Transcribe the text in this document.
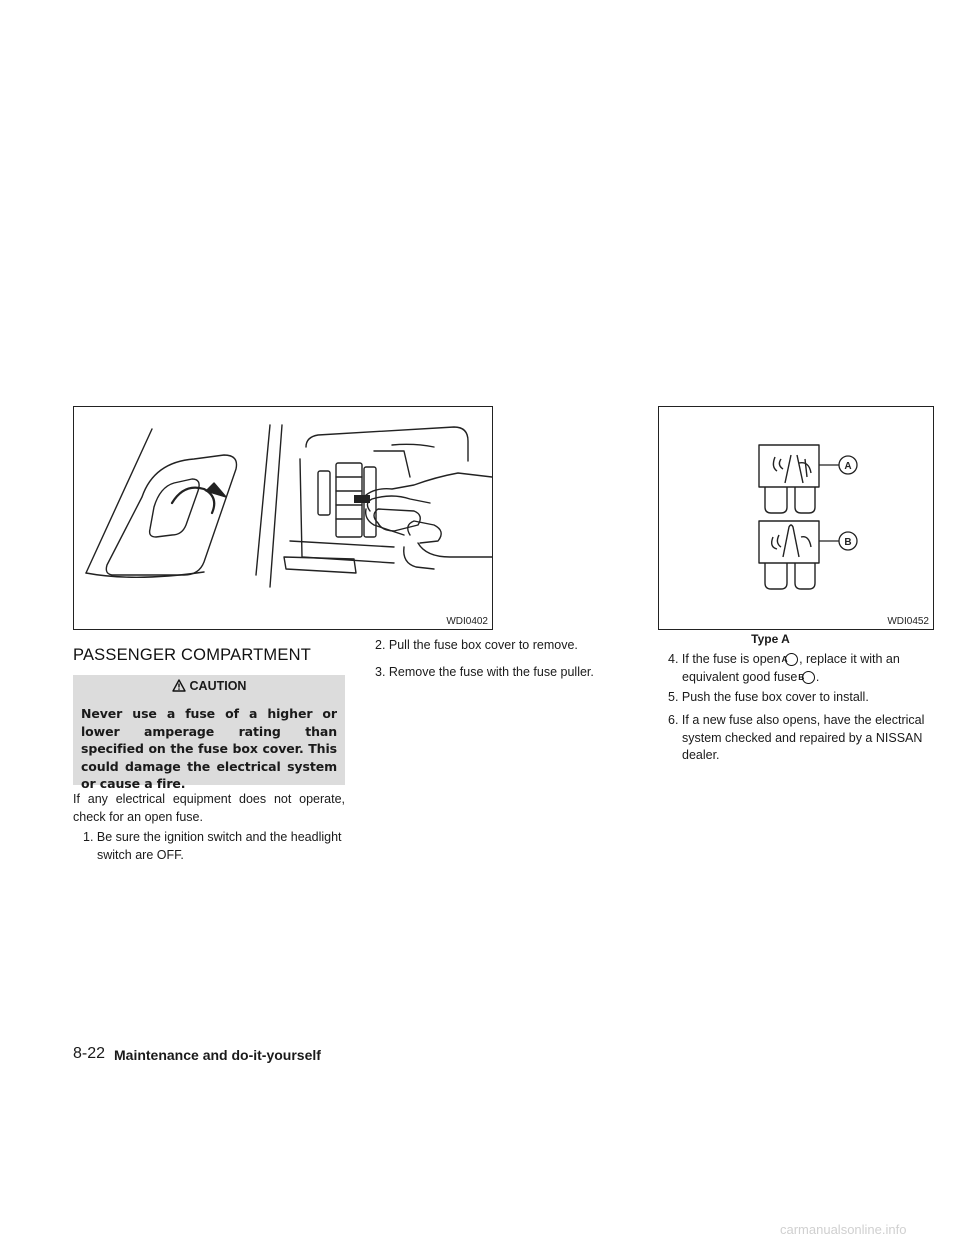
WDI0402
A
B
WDI0452
Type A
PASSENGER COMPARTMENT
CAUTION
Never use a fuse of a higher or lower amperage rating than specified on the fuse box cover. This could damage the electrical system or cause a fire.
If any electrical equipment does not operate, check for an open fuse.
1. Be sure the ignition switch and the headlight switch are OFF.
2. Pull the fuse box cover to remove.
3. Remove the fuse with the fuse puller.
4. If the fuse is open A , replace it with an equivalent good fuse B .
5. Push the fuse box cover to install.
6. If a new fuse also opens, have the electrical system checked and repaired by a NISSAN dealer.
8-22 Maintenance and do-it-yourself
carmanualsonline.info
